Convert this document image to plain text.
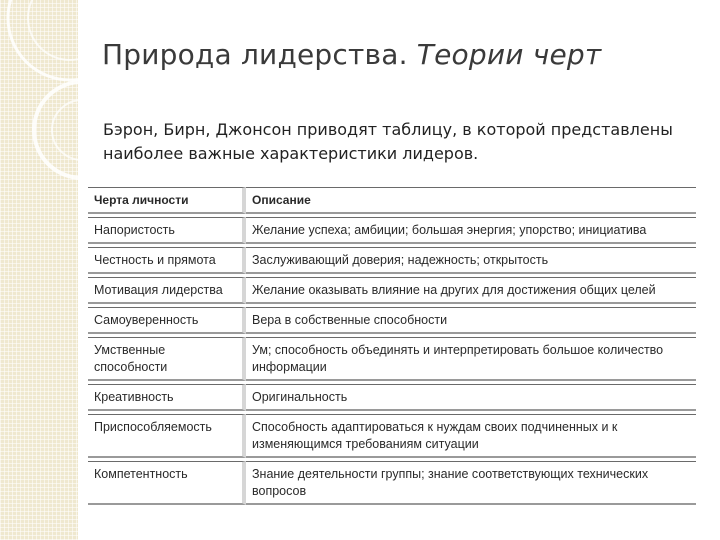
Природа лидерства. Теории черт
Бэрон, Бирн, Джонсон приводят таблицу, в которой представлены наиболее важные характеристики лидеров.
Черта личности	Описание
Напористость	Желание успеха; амбиции; большая энергия; упорство; инициатива
Честность и прямота	Заслуживающий доверия; надежность; открытость
Мотивация лидерства	Желание оказывать влияние на других для достижения общих целей
Самоуверенность	Вера в собственные способности
Умственные способности	Ум; способность объединять и интерпретировать большое количество информации
Креативность	Оригинальность
Приспособляемость	Способность адаптироваться к нуждам своих подчиненных и к изменяющимся требованиям ситуации
Компетентность	Знание деятельности группы; знание соответствующих технических вопросов
